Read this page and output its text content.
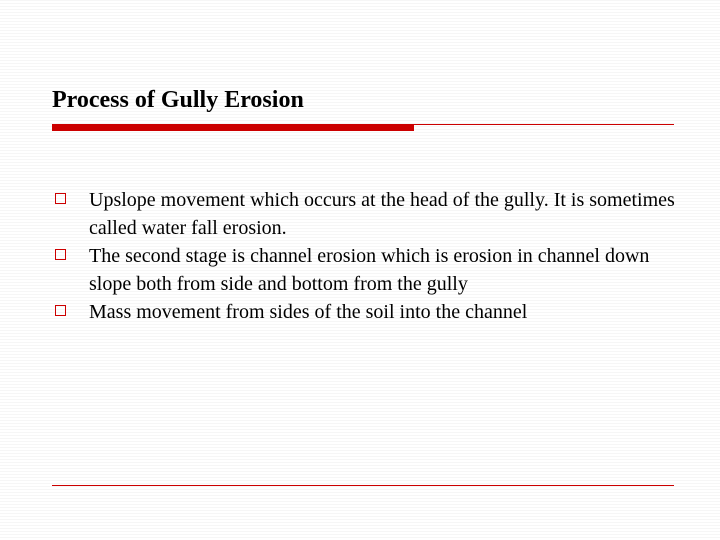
Process of Gully Erosion
Upslope movement which occurs at the head of the gully. It is sometimes called water fall erosion.
The second stage is channel erosion which is erosion in channel down slope both from side and bottom from the gully
Mass movement from sides of the soil into the channel
